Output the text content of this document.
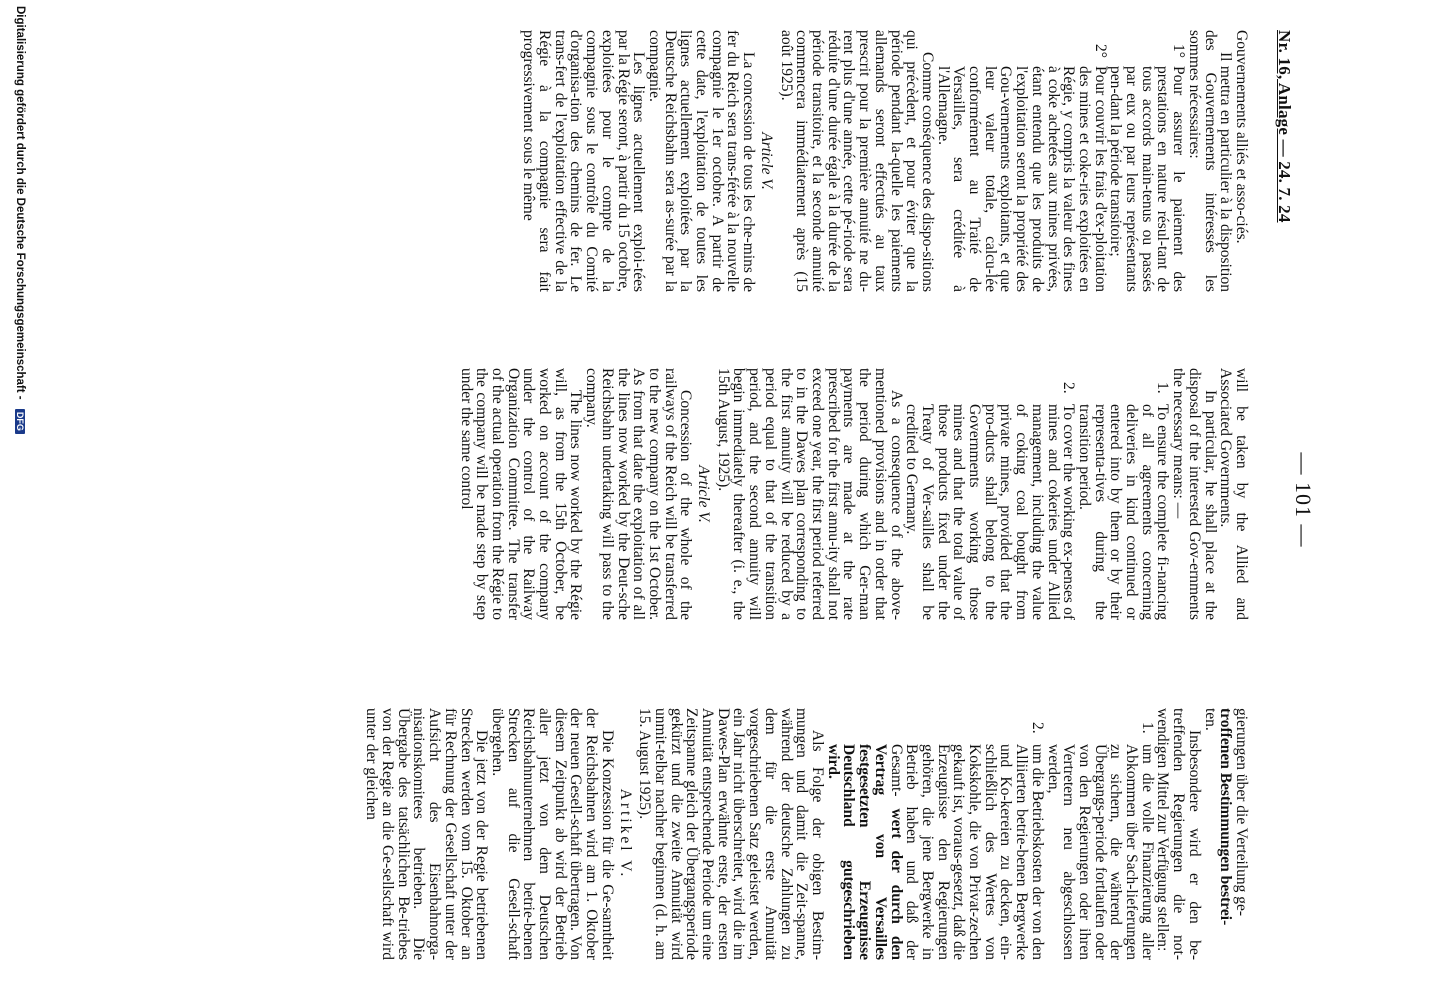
Nr. 16, Anlage — 24. 7. 24
— 101 —

gierungen über die Verteilung ge-

troffenen Bestimmungen bestrei-

ten.

Insbesondere wird er den be-treffenden Regierungen die not-wendigen Mittel zur Verfügung stellen:

1.
um die volle Finanzierung aller Abkommen über Sach-lieferungen zu sichern, die während der Übergangs-periode fortlaufen oder von den Regierungen oder ihren Vertretern neu abgeschlossen werden,
2.
um die Betriebskosten der von den Alliierten betrie-benen Bergwerke und Ko-kereien zu decken, ein-schließlich des Wertes von Kokskohle, die von Privat-zechen gekauft ist, voraus-gesetzt, daß die Erzeugnisse den Regierungen gehören, die jene Bergwerke in Betrieb haben und daß der Gesamt- wert der durch den Vertrag von Versailles festgesetzten Erzeugnisse Deutschland gutgeschrieben wird.

Als Folge der obigen Bestim-mungen und damit die Zeit-spanne, während der deutsche Zahlungen zu dem für die erste Annuität vorgeschriebenen Satz geleistet werden, ein Jahr nicht überschreitet, wird die im Dawes-Plan erwähnte erste, der ersten Annuität entsprechende Periode um eine Zeitspanne gleich der Übergangsperiode gekürzt und die zweite Annuität wird unmit-telbar nachher beginnen (d. h. am 15. August 1925).

Artikel V.

Die Konzession für die Ge-samtheit der Reichsbahnen wird am 1. Oktober der neuen Gesell-schaft übertragen. Von diesem Zeitpunkt ab wird der Betrieb aller jetzt von dem Deutschen Reichsbahnunternehmen betrie-benen Strecken auf die Gesell-schaft übergehen.

Die jetzt von der Regie betriebenen Strecken werden vom 15. Oktober an für Rechnung der Gesellschaft unter der Aufsicht des Eisenbahnorga-nisationskomitees betrieben. Die Übergabe des tatsächlichen Be-triebes von der Regie an die Ge-sellschaft wird unter der gleichen

will be taken by the Allied and Associated Governments.

In particular, he shall place at the disposal of the interested Gov-ernments the necessary means: —

1.
To ensure the complete fi-nancing of all agreements concerning deliveries in kind continued or entered into by them or by their representa-tives during the transition period.
2.
To cover the working ex-penses of mines and cokeries under Allied management, including the value of coking coal bought from private mines, provided that the pro-ducts shall belong to the Governments working those mines and that the total value of those products fixed under the Treaty of Ver-sailles shall be credited to Germany.

As a consequence of the above-mentioned provisions and in order that the period during which Ger-man payments are made at the rate prescribed for the first annu-ity shall not exceed one year, the first period referred to in the Dawes plan corresponding to the first annuity will be reduced by a period equal to that of the transition period, and the second annuity will begin immediately thereafter (i. e., the 15th August, 1925).

Article V.

Concession of the whole of the railways of the Reich will be transferred to the new company on the 1st October. As from that date the exploitation of all the lines now worked by the Deut-sche Reichsbahn undertaking will pass to the company.

The lines now worked by the Régie will, as from the 15th October, be worked on account of the company under the control of the Railway Organization Committee. The transfer of the actual operation from the Régie to the company will be made step by step under the same control

Gouvernements alliés et asso-ciés.

Il mettra en particulier à la disposition des Gouvernements intéressés les sommes nécessaires:

1°
Pour assurer le paiement des prestations en nature résul-tant de tous accords main-tenus ou passés par eux ou par leurs représentants pen-dant la période transitoire;
2°
Pour couvrir les frais d'ex-ploitation des mines et coke-ries exploitées en Régie, y compris la valeur des fines à coke achetées aux mines privées, étant entendu que les produits de l'exploitation seront la propriété des Gou-vernements exploitants, et que leur valeur totale, calcu-lée conformément au Traité de Versailles, sera créditée à l'Allemagne.

Comme conséquence des dispo-sitions qui précèdent, et pour éviter que la période pendant la-quelle les paiements allemands seront effectués au taux prescrit pour la première annuité ne du-rent plus d'une année, cette pé-riode sera réduite d'une durée égale à la durée de la période transitoire, et la seconde annuité commencera immédiatement après (15 août 1925).

Article V.

La concession de tous les che-mins de fer du Reich sera trans-férée à la nouvelle compagnie le 1er octobre. A partir de cette date, l'exploitation de toutes les lignes actuellement exploitées par la Deutsche Reichsbahn sera as-surée par la compagnie.

Les lignes actuellement exploi-tées par la Régie seront, à partir du 15 octobre, exploitées pour le compte de la compagnie sous le contrôle du Comité d'organisa-tion des chemins de fer. Le trans-fert de l'exploitation effective de la Régie à la compagnie sera fait progressivement sous le même

Digitalisierung gefördert durch die Deutsche Forschungsgemeinschaft - DFG
